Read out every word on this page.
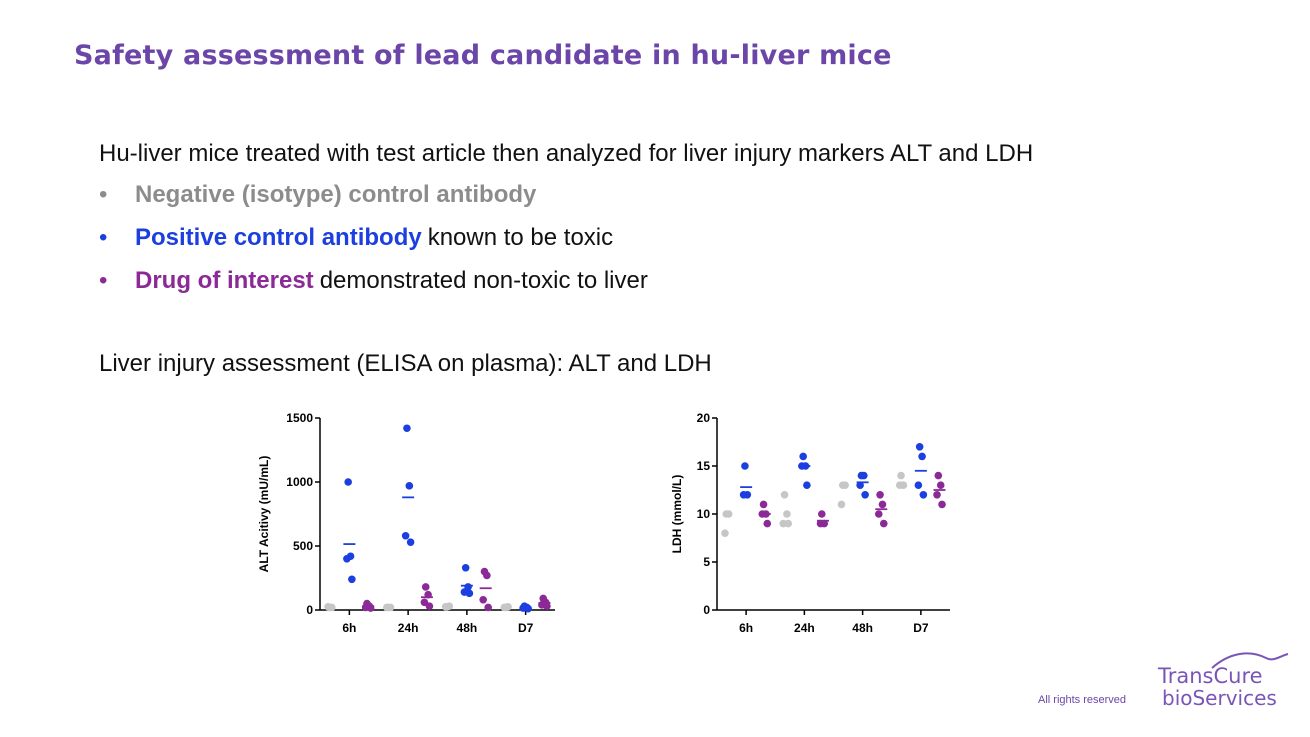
Safety assessment of lead candidate in hu-liver mice
Hu-liver mice treated with test article then analyzed for liver injury markers ALT and LDH
•	Negative (isotype) control antibody
•	Positive control antibody known to be toxic
•	Drug of interest demonstrated non-toxic to liver
Liver injury assessment (ELISA on plasma): ALT and LDH
0
500
1000
1500
ALT Acitivy (mU/mL)
6h	24h	48h	D7
0
5
10
15
20
LDH (mmol/L)
6h	24h	48h	D7
All rights reserved
TransCure
bioServices
